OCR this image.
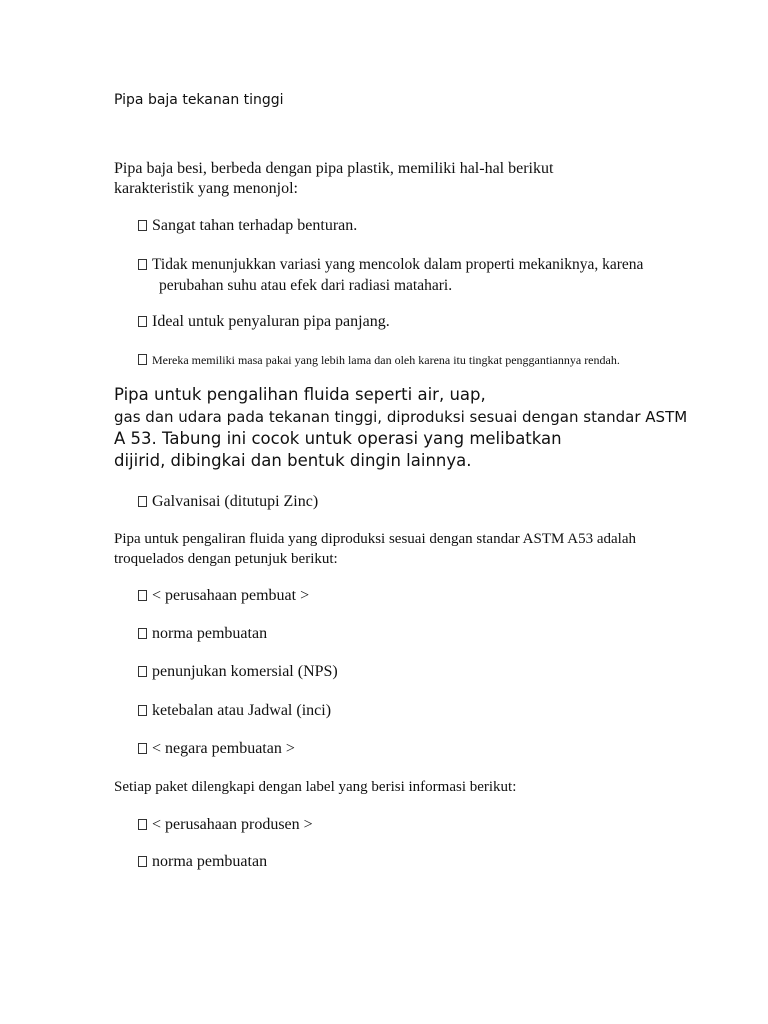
Pipa baja tekanan tinggi
Pipa baja besi, berbeda dengan pipa plastik, memiliki hal-hal berikut
karakteristik yang menonjol:
Sangat tahan terhadap benturan.
Tidak menunjukkan variasi yang mencolok dalam properti mekaniknya, karena
perubahan suhu atau efek dari radiasi matahari.
Ideal untuk penyaluran pipa panjang.
Mereka memiliki masa pakai yang lebih lama dan oleh karena itu tingkat penggantiannya rendah.
Pipa untuk pengalihan fluida seperti air, uap,
gas dan udara pada tekanan tinggi, diproduksi sesuai dengan standar ASTM
A 53. Tabung ini cocok untuk operasi yang melibatkan
dijirid, dibingkai dan bentuk dingin lainnya.
Galvanisai (ditutupi Zinc)
Pipa untuk pengaliran fluida yang diproduksi sesuai dengan standar ASTM A53 adalah
troquelados dengan petunjuk berikut:
< perusahaan pembuat >
norma pembuatan
penunjukan komersial (NPS)
ketebalan atau Jadwal (inci)
< negara pembuatan >
Setiap paket dilengkapi dengan label yang berisi informasi berikut:
< perusahaan produsen >
norma pembuatan
